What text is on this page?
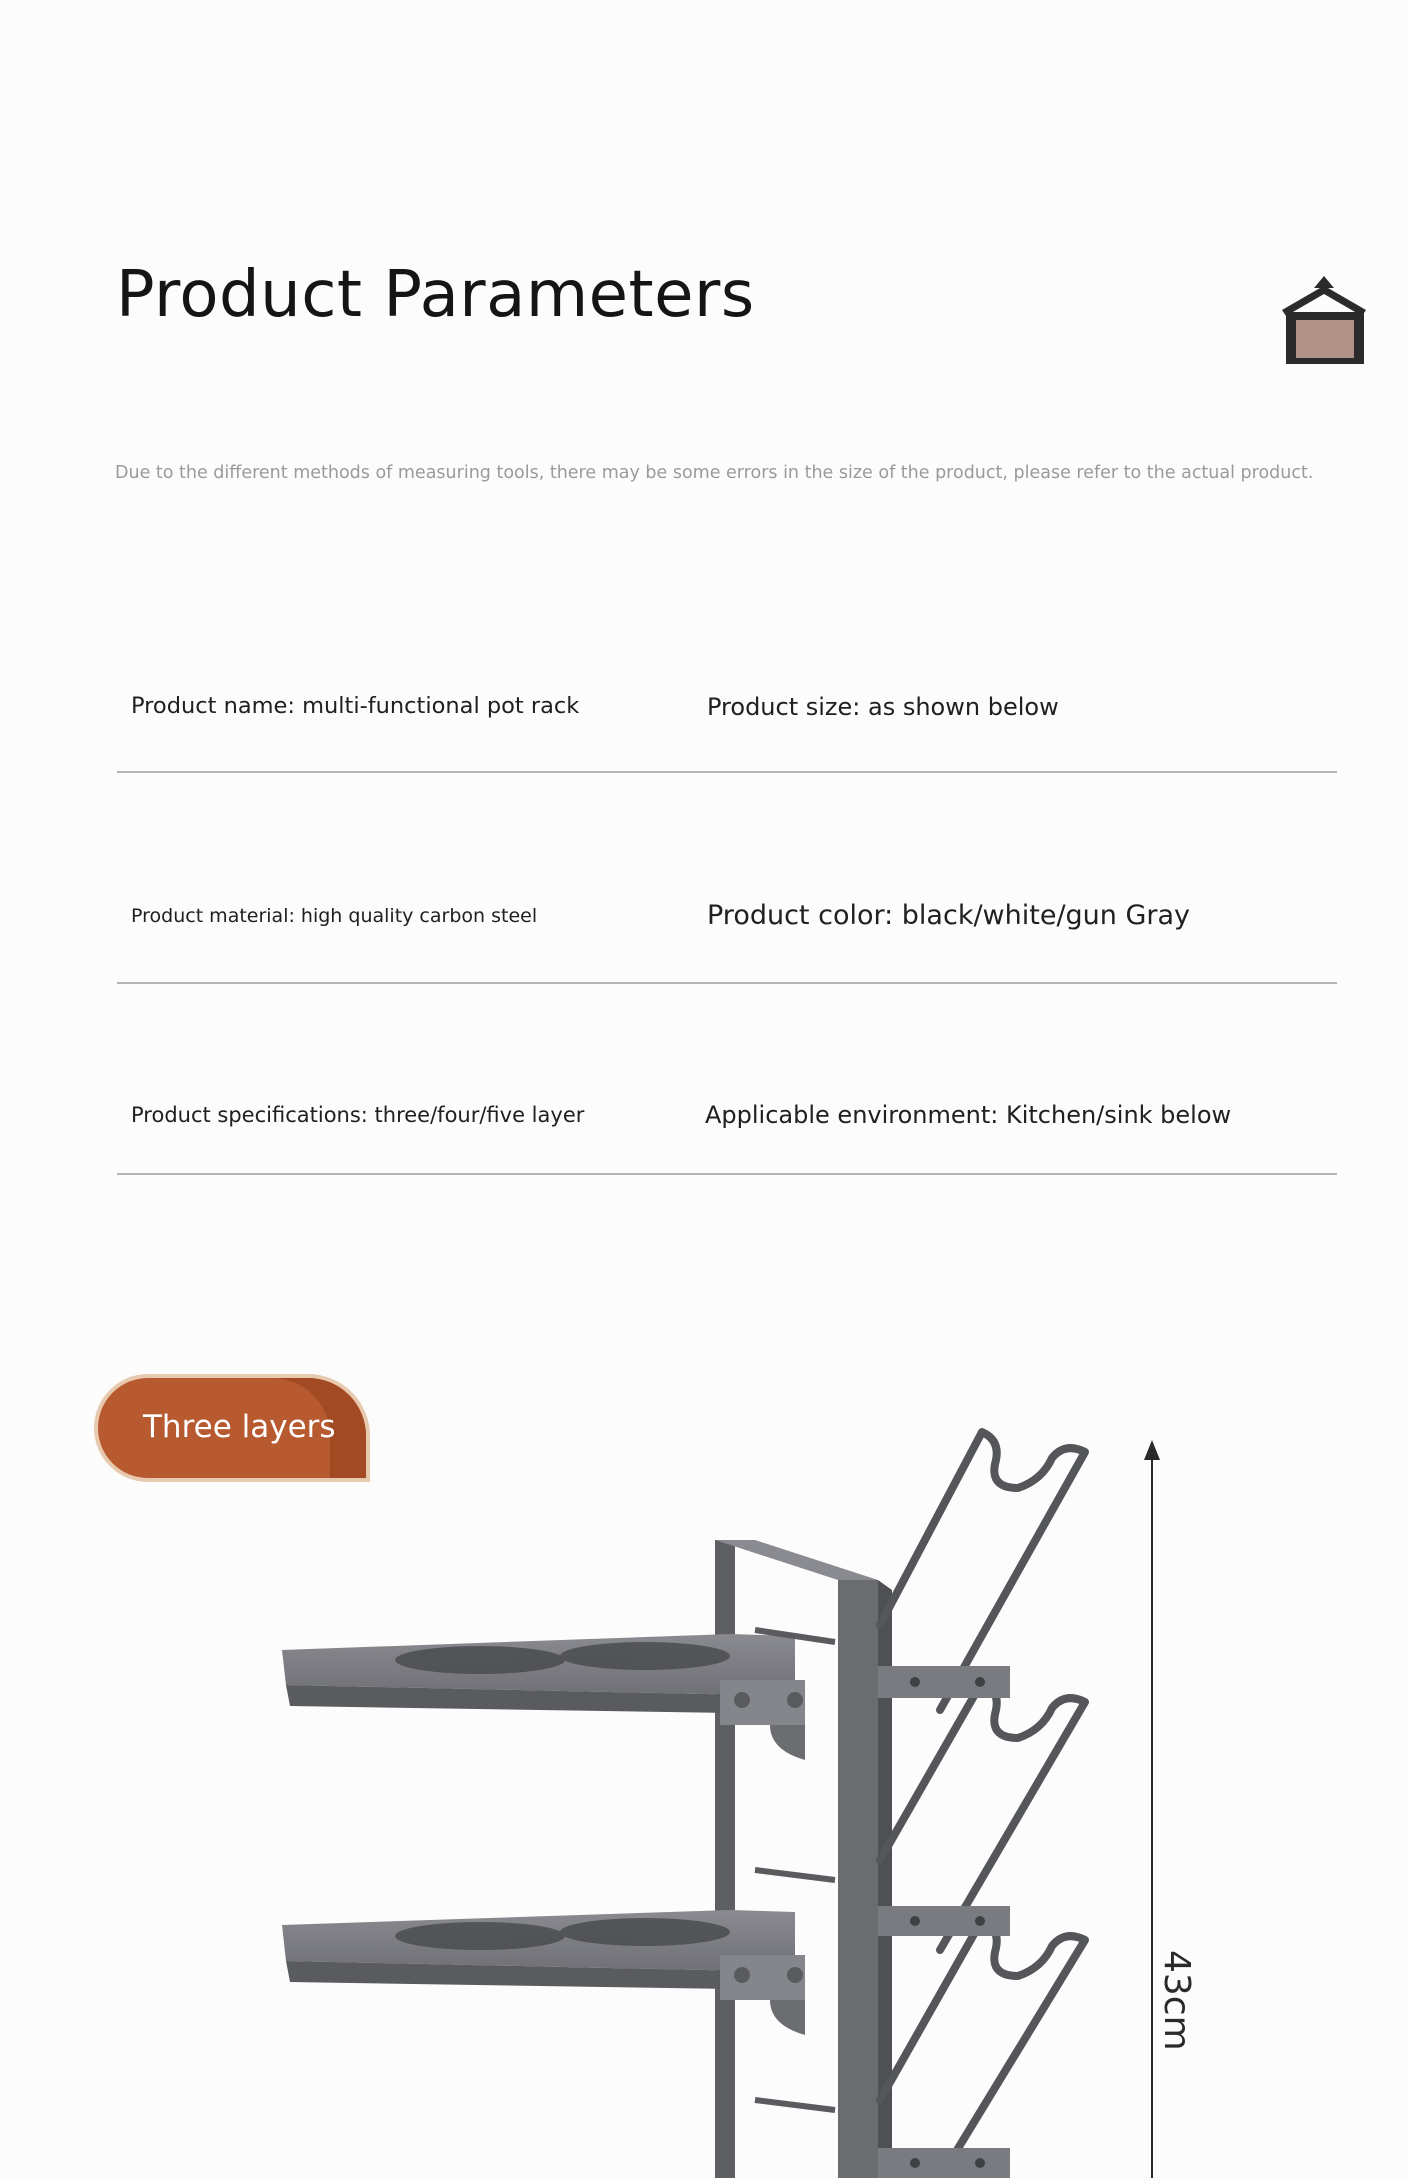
Product Parameters
Due to the different methods of measuring tools, there may be some errors in the size of the product, please refer to the actual product.
Product name: multi-functional pot rack	Product size: as shown below
Product material: high quality carbon steel	Product color: black/white/gun Gray
Product specifications: three/four/five layer	Applicable environment: Kitchen/sink below
Three layers
43cm
